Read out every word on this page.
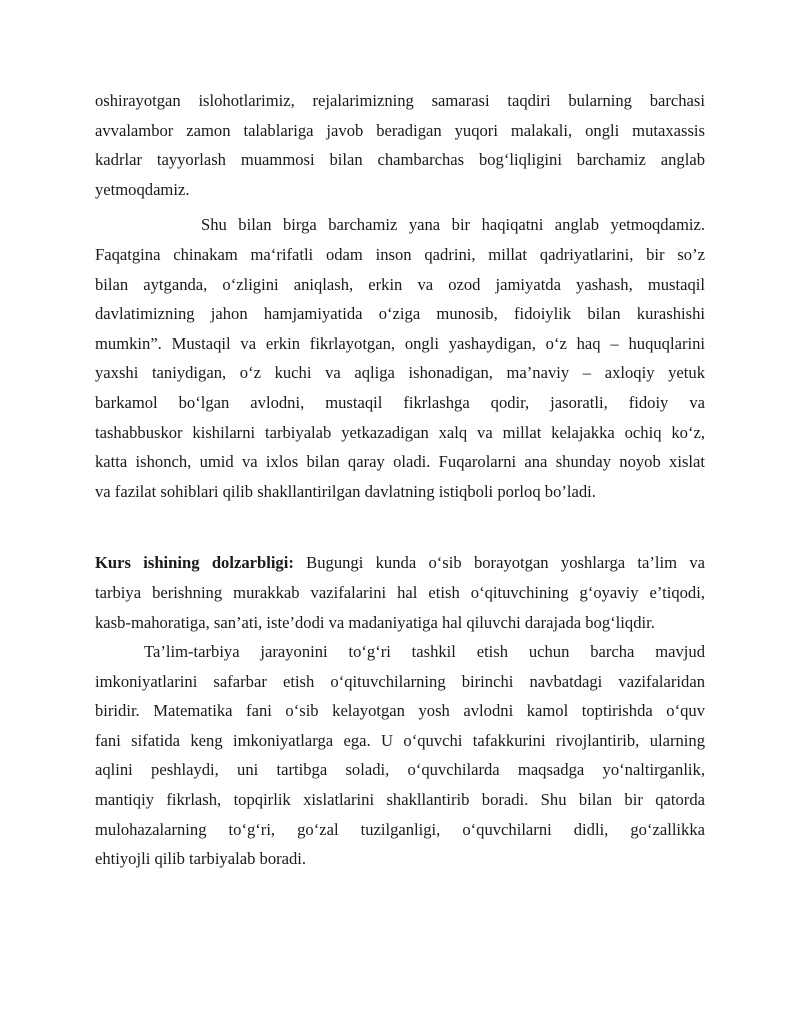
oshirayotgan islohotlarimiz, rejalarimizning samarasi taqdiri bularning barchasi
avvalambor zamon talablariga javob beradigan yuqori malakali, ongli mutaxassis
kadrlar tayyorlash muammosi bilan chambarchas bog‘liqligini barchamiz anglab
yetmoqdamiz.
Shu bilan birga barchamiz yana bir haqiqatni anglab yetmoqdamiz.
Faqatgina chinakam ma‘rifatli odam inson qadrini, millat qadriyatlarini, bir so’z
bilan aytganda, o‘zligini aniqlash, erkin va ozod jamiyatda yashash, mustaqil
davlatimizning jahon hamjamiyatida o‘ziga munosib, fidoiylik bilan kurashishi
mumkin”. Mustaqil va erkin fikrlayotgan, ongli yashaydigan, o‘z haq – huquqlarini
yaxshi taniydigan, o‘z kuchi va aqliga ishonadigan, ma’naviy – axloqiy yetuk
barkamol bo‘lgan avlodni, mustaqil fikrlashga qodir, jasoratli, fidoiy va
tashabbuskor kishilarni tarbiyalab yetkazadigan xalq va millat kelajakka ochiq ko‘z,
katta ishonch, umid va ixlos bilan qaray oladi. Fuqarolarni ana shunday noyob xislat
va fazilat sohiblari qilib shakllantirilgan davlatning istiqboli porloq bo’ladi.
Kurs ishining dolzarbligi: Bugungi kunda o‘sib borayotgan yoshlarga ta’lim va
tarbiya berishning murakkab vazifalarini hal etish o‘qituvchining g‘oyaviy e’tiqodi,
kasb-mahoratiga, san’ati, iste’dodi va madaniyatiga hal qiluvchi darajada bog‘liqdir.
Ta’lim-tarbiya jarayonini to‘g‘ri tashkil etish uchun barcha mavjud
imkoniyatlarini safarbar etish o‘qituvchilarning birinchi navbatdagi vazifalaridan
biridir. Matematika fani o‘sib kelayotgan yosh avlodni kamol toptirishda o‘quv
fani sifatida keng imkoniyatlarga ega. U o‘quvchi tafakkurini rivojlantirib, ularning
aqlini peshlaydi, uni tartibga soladi, o‘quvchilarda maqsadga yo‘naltirganlik,
mantiqiy fikrlash, topqirlik xislatlarini shakllantirib boradi. Shu bilan bir qatorda
mulohazalarning to‘g‘ri, go‘zal tuzilganligi, o‘quvchilarni didli, go‘zallikka
ehtiyojli qilib tarbiyalab boradi.
